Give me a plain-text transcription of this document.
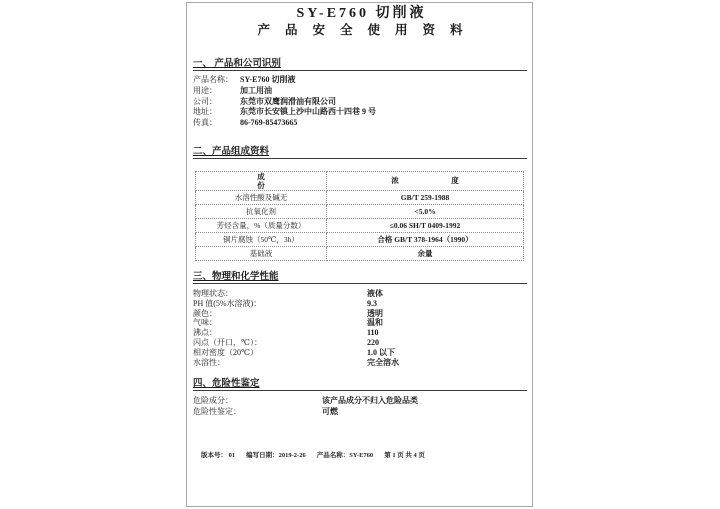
SY-E760 切削液
产品安全使用资料
一、 产品和公司识别
产品名称： SY-E760 切削液
用途：	加工用油
公司：	东莞市双鹰润滑油有限公司
地址：	东莞市长安镇上沙中山路西十四巷 9 号
传真：	86-769-85473665
二、产品组成资料
成份	浓度
水溶性酸及碱无	GB/T 259-1988
抗氧化剂	<5.0%
芳烃含量，%（质量分数）	≤0.06 SH/T 0409-1992
铜片腐蚀（50℃，3h）	合格 GB/T 378-1964（1990）
基础液	余量
三、物理和化学性能
物理状态：	液体
PH 值(5%水溶液)：	9.3
颜色：	透明
气味：	温和
沸点：	110
闪点（开口，℃）：	220
相对密度（20℃）	1.0 以下
水溶性：	完全溶水
四、危险性鉴定
危险成分：	该产品成分不归入危险品类
危险性鉴定：	可燃
版本号： 01 编写日期：2019-2-26 产品名称：SY-E760 第 1 页 共 4 页
